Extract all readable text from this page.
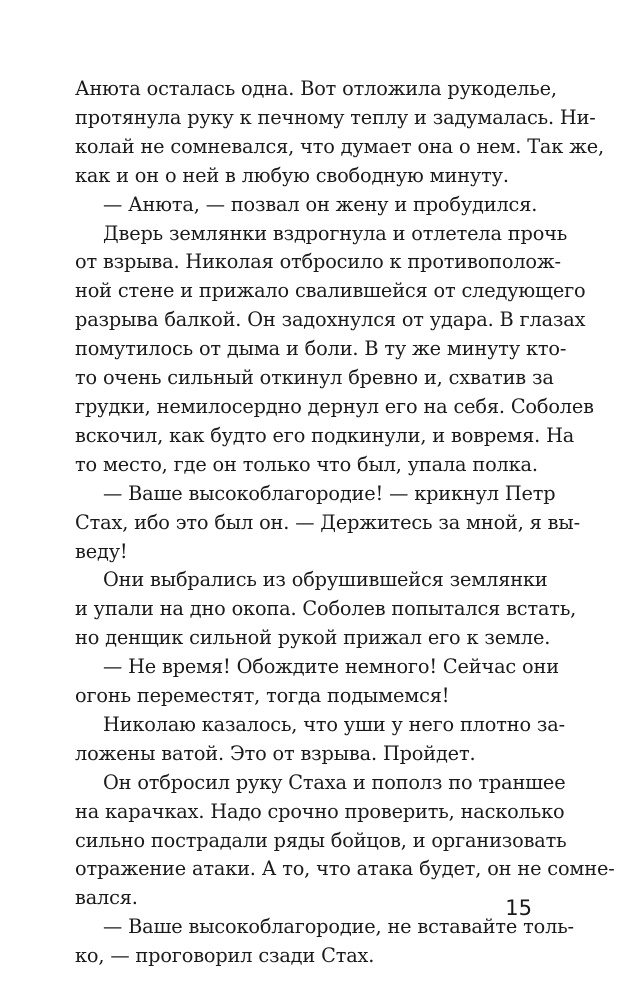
Анюта осталась одна. Вот отложила рукоделье,
протянула руку к печному теплу и задумалась. Ни-
колай не сомневался, что думает она о нем. Так же,
как и он о ней в любую свободную минуту.
— Анюта, — позвал он жену и пробудился.
Дверь землянки вздрогнула и отлетела прочь
от взрыва. Николая отбросило к противополож-
ной стене и прижало свалившейся от следующего
разрыва балкой. Он задохнулся от удара. В глазах
помутилось от дыма и боли. В ту же минуту кто-
то очень сильный откинул бревно и, схватив за
грудки, немилосердно дернул его на себя. Соболев
вскочил, как будто его подкинули, и вовремя. На
то место, где он только что был, упала полка.
— Ваше высокоблагородие! — крикнул Петр
Стах, ибо это был он. — Держитесь за мной, я вы-
веду!
Они выбрались из обрушившейся землянки
и упали на дно окопа. Соболев попытался встать,
но денщик сильной рукой прижал его к земле.
— Не время! Обождите немного! Сейчас они
огонь переместят, тогда подымемся!
Николаю казалось, что уши у него плотно за-
ложены ватой. Это от взрыва. Пройдет.
Он отбросил руку Стаха и пополз по траншее
на карачках. Надо срочно проверить, насколько
сильно пострадали ряды бойцов, и организовать
отражение атаки. А то, что атака будет, он не сомне-
вался.
— Ваше высокоблагородие, не вставайте толь-
ко, — проговорил сзади Стах.
15
